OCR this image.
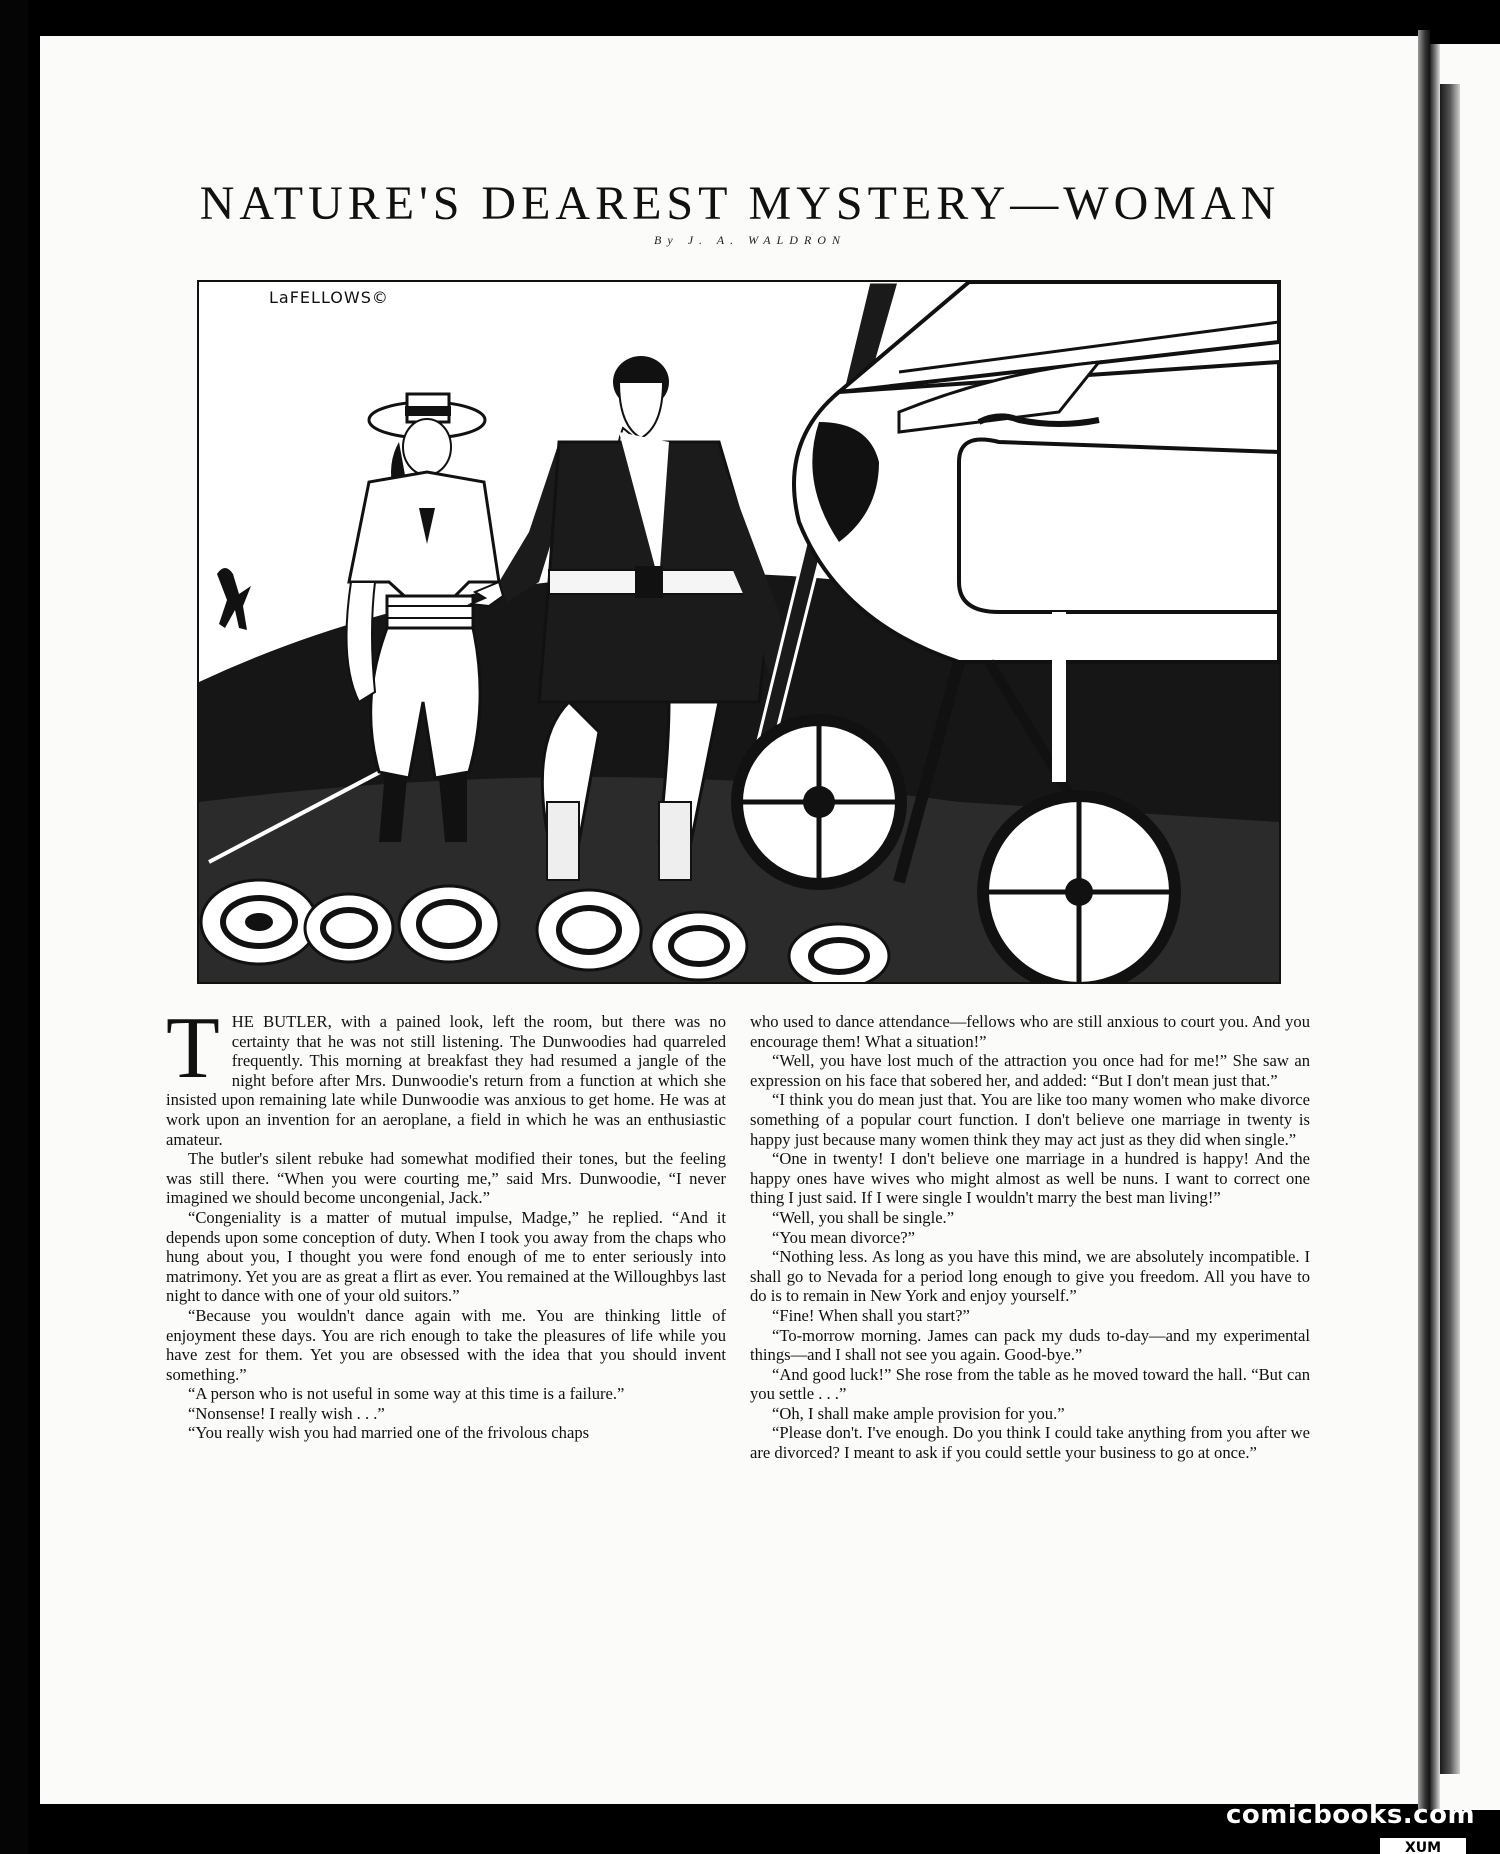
NATURE'S DEAREST MYSTERY—WOMAN
By J. A. WALDRON
LaFELLOWS©

THE BUTLER, with a pained look, left the room, but there was no certainty that he was not still listening. The Dunwoodies had quarreled frequently. This morning at breakfast they had resumed a jangle of the night before after Mrs. Dunwoodie's return from a function at which she insisted upon remaining late while Dunwoodie was anxious to get home. He was at work upon an invention for an aeroplane, a field in which he was an enthusiastic amateur.

The butler's silent rebuke had somewhat modified their tones, but the feeling was still there. “When you were courting me,” said Mrs. Dunwoodie, “I never imagined we should become uncongenial, Jack.”

“Congeniality is a matter of mutual impulse, Madge,” he replied. “And it depends upon some conception of duty. When I took you away from the chaps who hung about you, I thought you were fond enough of me to enter seriously into matrimony. Yet you are as great a flirt as ever. You remained at the Willoughbys last night to dance with one of your old suitors.”

“Because you wouldn't dance again with me. You are thinking little of enjoyment these days. You are rich enough to take the pleasures of life while you have zest for them. Yet you are obsessed with the idea that you should invent something.”

“A person who is not useful in some way at this time is a failure.”

“Nonsense! I really wish . . .”

“You really wish you had married one of the frivolous chaps

who used to dance attendance—fellows who are still anxious to court you. And you encourage them! What a situation!”

“Well, you have lost much of the attraction you once had for me!” She saw an expression on his face that sobered her, and added: “But I don't mean just that.”

“I think you do mean just that. You are like too many women who make divorce something of a popular court function. I don't believe one marriage in twenty is happy just because many women think they may act just as they did when single.”

“One in twenty! I don't believe one marriage in a hundred is happy! And the happy ones have wives who might almost as well be nuns. I want to correct one thing I just said. If I were single I wouldn't marry the best man living!”

“Well, you shall be single.”

“You mean divorce?”

“Nothing less. As long as you have this mind, we are absolutely incompatible. I shall go to Nevada for a period long enough to give you freedom. All you have to do is to remain in New York and enjoy yourself.”

“Fine! When shall you start?”

“To-morrow morning. James can pack my duds to-day—and my experimental things—and I shall not see you again. Good-bye.”

“And good luck!” She rose from the table as he moved toward the hall. “But can you settle . . .”

“Oh, I shall make ample provision for you.”

“Please don't. I've enough. Do you think I could take anything from you after we are divorced? I meant to ask if you could settle your business to go at once.”

comicbooks.com
XUM
